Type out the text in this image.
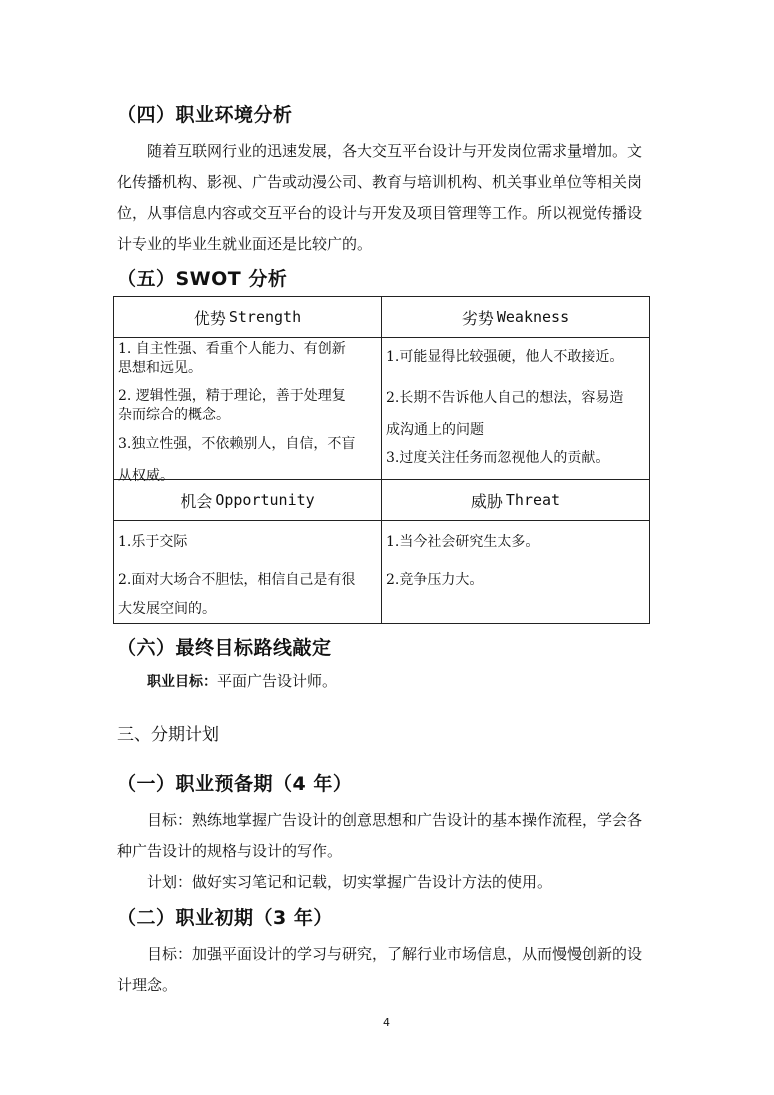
（四）职业环境分析
随着互联网行业的迅速发展，各大交互平台设计与开发岗位需求量增加。文
化传播机构、影视、广告或动漫公司、教育与培训机构、机关事业单位等相关岗
位，从事信息内容或交互平台的设计与开发及项目管理等工作。所以视觉传播设
计专业的毕业生就业面还是比较广的。
（五）SWOT 分析
优势 Strength	劣势 Weakness
1. 自主性强、看重个人能力、有创新
思想和远见。
2. 逻辑性强，精于理论，善于处理复
杂而综合的概念。
3.独立性强，不依赖别人，自信，不盲
从权威。
1.可能显得比较强硬，他人不敢接近。
2.长期不告诉他人自己的想法，容易造
成沟通上的问题
3.过度关注任务而忽视他人的贡献。
机会 Opportunity	威胁 Threat
1.乐于交际
2.面对大场合不胆怯，相信自己是有很
大发展空间的。
1.当今社会研究生太多。
2.竞争压力大。
（六）最终目标路线敲定
职业目标：平面广告设计师。
三、分期计划
（一）职业预备期（4 年）
目标：熟练地掌握广告设计的创意思想和广告设计的基本操作流程，学会各
种广告设计的规格与设计的写作。
计划：做好实习笔记和记载，切实掌握广告设计方法的使用。
（二）职业初期（3 年）
目标：加强平面设计的学习与研究，了解行业市场信息，从而慢慢创新的设
计理念。
4
